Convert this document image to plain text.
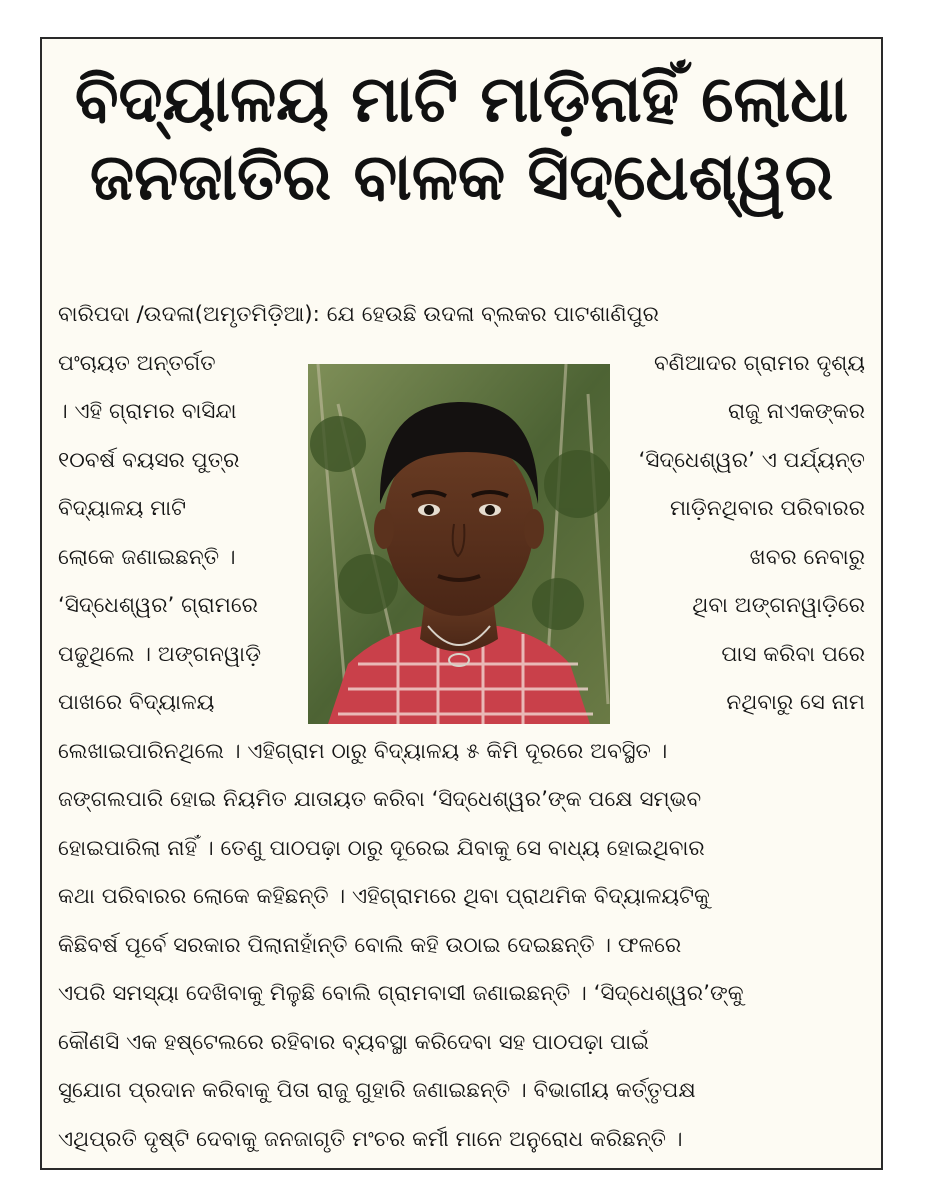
ବିଦ୍ୟାଳୟ ମାଟି ମାଡ଼ିନାହିଁ ଲୋଧା
ଜନଜାତିର ବାଳକ ସିଦ୍ଧେଶ୍ୱର
ବାରିପଦା /ଉଦଳା(ଅମୃତମିଡ଼ିଆ): ଯେ ହେଉଛି ଉଦଳା ବ୍ଲକର ପାଟଶାଣିପୁର
ପଂଚାୟତ ଅନ୍ତର୍ଗତ	ବଣିଆଦର ଗ୍ରାମର ଦୃଶ୍ୟ
। ଏହି ଗ୍ରାମର ବାସିନ୍ଦା	ରାଜୁ ନାଏକଙ୍କର
୧୦ବର୍ଷ ବୟସର ପୁତ୍ର	‘ସିଦ୍ଧେଶ୍ୱର’ ଏ ପର୍ଯ୍ୟନ୍ତ
ବିଦ୍ୟାଳୟ ମାଟି	ମାଡ଼ିନଥିବାର ପରିବାରର
ଲୋକେ ଜଣାଇଛନ୍ତି ।	ଖବର ନେବାରୁ
‘ସିଦ୍ଧେଶ୍ୱର’ ଗ୍ରାମରେ	ଥିବା ଅଙ୍ଗନୱାଡ଼ିରେ
ପଢୁଥିଲେ । ଅଙ୍ଗନୱାଡ଼ି	ପାସ କରିବା ପରେ
ପାଖରେ ବିଦ୍ୟାଳୟ	ନଥିବାରୁ ସେ ନାମ
ଲେଖାଇପାରିନଥିଲେ । ଏହିଗ୍ରାମ ଠାରୁ ବିଦ୍ୟାଳୟ ୫ କିମି ଦୂରରେ ଅବସ୍ଥିତ ।
ଜଙ୍ଗଲପାରି ହୋଇ ନିୟମିତ ଯାତାୟତ କରିବା ‘ସିଦ୍ଧେଶ୍ୱର’ଙ୍କ ପକ୍ଷେ ସମ୍ଭବ
ହୋଇପାରିଲା ନାହିଁ । ତେଣୁ ପାଠପଢ଼ା ଠାରୁ ଦୂରେଇ ଯିବାକୁ ସେ ବାଧ୍ୟ ହୋଇଥିବାର
କଥା ପରିବାରର ଲୋକେ କହିଛନ୍ତି । ଏହିଗ୍ରାମରେ ଥିବା ପ୍ରାଥମିକ ବିଦ୍ୟାଳୟଟିକୁ
କିଛିବର୍ଷ ପୂର୍ବେ ସରକାର ପିଲାନାହାଁନ୍ତି ବୋଲି କହି ଉଠାଇ ଦେଇଛନ୍ତି । ଫଳରେ
ଏପରି ସମସ୍ୟା ଦେଖିବାକୁ ମିଳୁଛି ବୋଲି ଗ୍ରାମବାସୀ ଜଣାଇଛନ୍ତି । ‘ସିଦ୍ଧେଶ୍ୱର’ଙ୍କୁ
କୌଣସି ଏକ ହଷ୍ଟେଲରେ ରହିବାର ବ୍ୟବସ୍ଥା କରିଦେବା ସହ ପାଠପଢ଼ା ପାଇଁ
ସୁଯୋଗ ପ୍ରଦାନ କରିବାକୁ ପିତା ରାଜୁ ଗୁହାରି ଜଣାଇଛନ୍ତି । ବିଭାଗୀୟ କର୍ତ୍ତୃପକ୍ଷ
ଏଥିପ୍ରତି ଦୃଷ୍ଟି ଦେବାକୁ ଜନଜାଗୃତି ମଂଚର କର୍ମୀ ମାନେ ଅନୁରୋଧ କରିଛନ୍ତି ।
